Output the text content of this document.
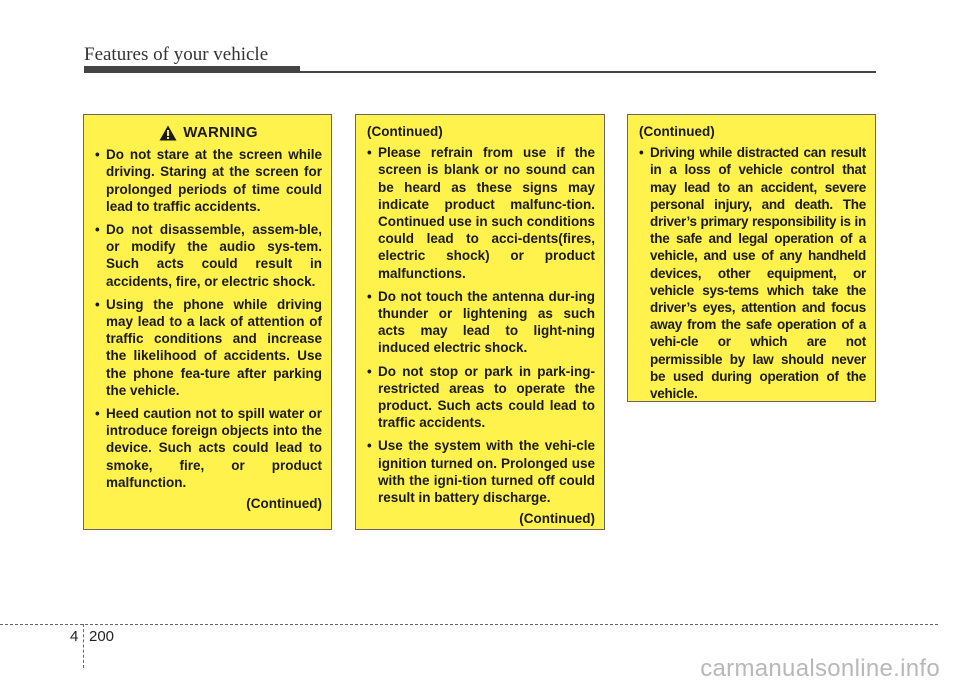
Features of your vehicle
WARNING
• Do not stare at the screen while driving. Staring at the screen for prolonged periods of time could lead to traffic accidents.
• Do not disassemble, assem-ble, or modify the audio sys-tem. Such acts could result in accidents, fire, or electric shock.
• Using the phone while driving may lead to a lack of attention of traffic conditions and increase the likelihood of accidents. Use the phone fea-ture after parking the vehicle.
• Heed caution not to spill water or introduce foreign objects into the device. Such acts could lead to smoke, fire, or product malfunction.
(Continued)
(Continued)
• Please refrain from use if the screen is blank or no sound can be heard as these signs may indicate product malfunc-tion. Continued use in such conditions could lead to acci-dents(fires, electric shock) or product malfunctions.
• Do not touch the antenna dur-ing thunder or lightening as such acts may lead to light-ning induced electric shock.
• Do not stop or park in park-ing-restricted areas to operate the product. Such acts could lead to traffic accidents.
• Use the system with the vehi-cle ignition turned on. Prolonged use with the igni-tion turned off could result in battery discharge.
(Continued)
(Continued)
• Driving while distracted can result in a loss of vehicle control that may lead to an accident, severe personal injury, and death. The driver’s primary responsibility is in the safe and legal operation of a vehicle, and use of any handheld devices, other equipment, or vehicle sys-tems which take the driver’s eyes, attention and focus away from the safe operation of a vehi-cle or which are not permissible by law should never be used during operation of the vehicle.
4 200
carmanualsonline.info
